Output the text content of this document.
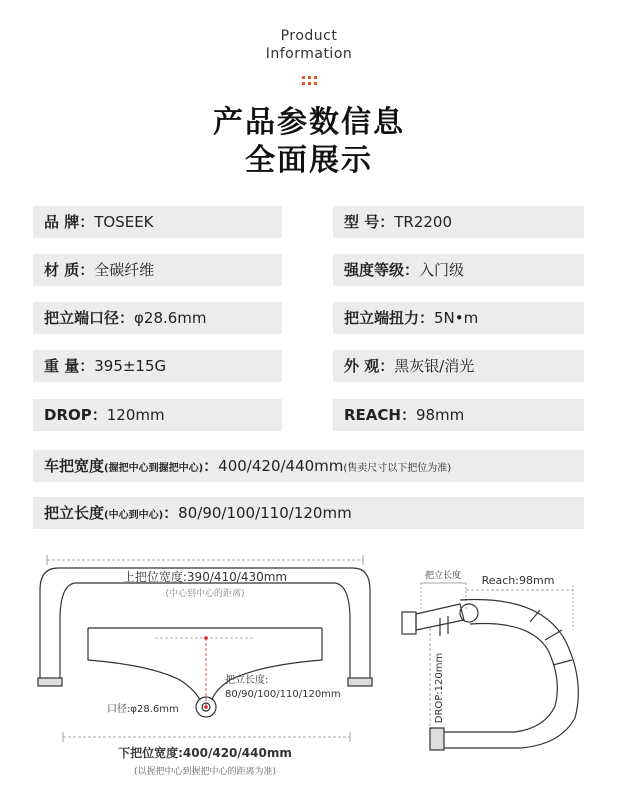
Product
Information
产品参数信息
全面展示
品 牌：TOSEEK	型 号：TR2200
材 质：全碳纤维	强度等级：入门级
把立端口径：φ28.6mm	把立端扭力：5N•m
重 量：395±15G	外 观：黑灰银/消光
DROP：120mm	REACH：98mm
车把宽度(握把中心到握把中心)：400/420/440mm(售卖尺寸以下把位为准)
把立长度(中心到中心)：80/90/100/110/120mm
上把位宽度:390/410/430mm
(中心到中心的距离)
把立长度:
80/90/100/110/120mm
口径:φ28.6mm
下把位宽度:400/420/440mm
(以握把中心到握把中心的距离为准)
把立长度 Reach:98mm
DROP:120mm
